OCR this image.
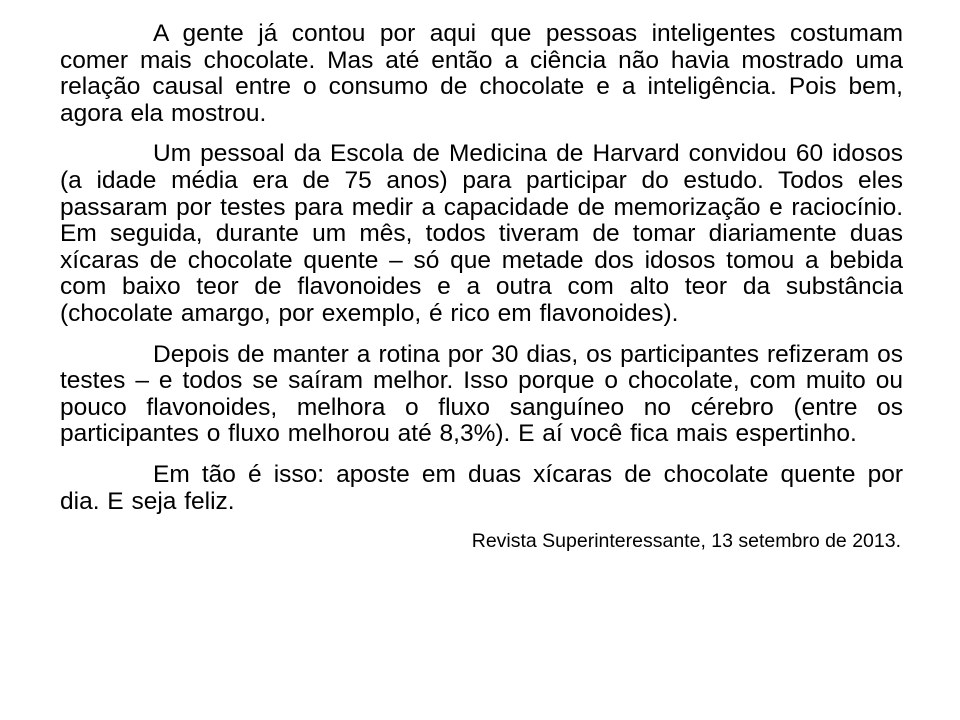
A gente já contou por aqui que pessoas inteligentes costumam comer mais chocolate. Mas até então a ciência não havia mostrado uma relação causal entre o consumo de chocolate e a inteligência. Pois bem, agora ela mostrou.

Um pessoal da Escola de Medicina de Harvard convidou 60 idosos (a idade média era de 75 anos) para participar do estudo. Todos eles passaram por testes para medir a capacidade de memorização e raciocínio. Em seguida, durante um mês, todos tiveram de tomar diariamente duas xícaras de chocolate quente – só que metade dos idosos tomou a bebida com baixo teor de flavonoides e a outra com alto teor da substância (chocolate amargo, por exemplo, é rico em flavonoides).

Depois de manter a rotina por 30 dias, os participantes refizeram os testes – e todos se saíram melhor. Isso porque o chocolate, com muito ou pouco flavonoides, melhora o fluxo sanguíneo no cérebro (entre os participantes o fluxo melhorou até 8,3%). E aí você fica mais espertinho.

Em tão é isso: aposte em duas xícaras de chocolate quente por dia. E seja feliz.

Revista Superinteressante, 13 setembro de 2013.
